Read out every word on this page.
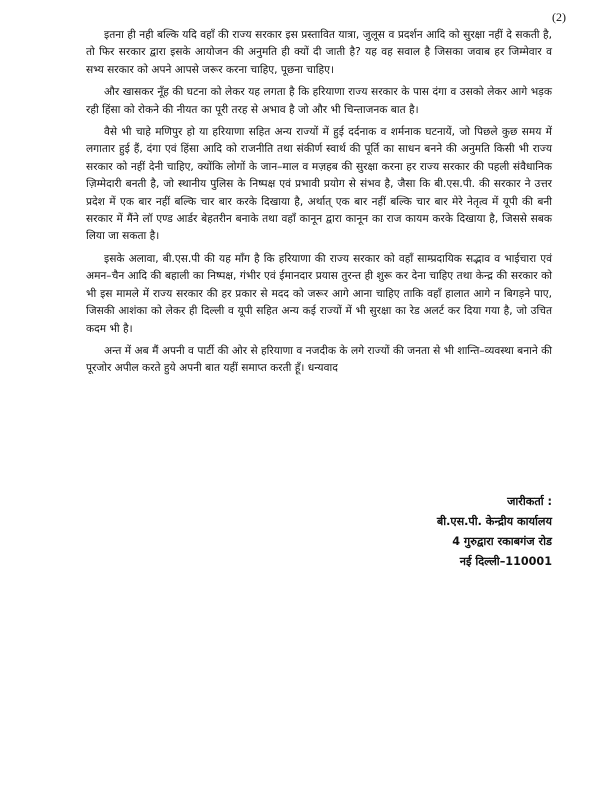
(2)

इतना ही नही बल्कि यदि वहाँ की राज्य सरकार इस प्रस्तावित यात्रा, जुलूस व प्रदर्शन आदि को सुरक्षा नहीं दे सकती है, तो फिर सरकार द्वारा इसके आयोजन की अनुमति ही क्यों दी जाती है? यह वह सवाल है जिसका जवाब हर जिम्मेवार व सभ्य सरकार को अपने आपसे जरूर करना चाहिए, पूछना चाहिए।

और खासकर नूँह की घटना को लेकर यह लगता है कि हरियाणा राज्य सरकार के पास दंगा व उसको लेकर आगे भड़क रही हिंसा को रोकने की नीयत का पूरी तरह से अभाव है जो और भी चिन्ताजनक बात है।

वैसे भी चाहे मणिपुर हो या हरियाणा सहित अन्य राज्यों में हुई दर्दनाक व शर्मनाक घटनायें, जो पिछले कुछ समय में लगातार हुई हैं, दंगा एवं हिंसा आदि को राजनीति तथा संकीर्ण स्वार्थ की पूर्ति का साधन बनने की अनुमति किसी भी राज्य सरकार को नहीं देनी चाहिए, क्योंकि लोगों के जान–माल व मज़हब की सुरक्षा करना हर राज्य सरकार की पहली संवैधानिक ज़िम्मेदारी बनती है, जो स्थानीय पुलिस के निष्पक्ष एवं प्रभावी प्रयोग से संभव है, जैसा कि बी.एस.पी. की सरकार ने उत्तर प्रदेश में एक बार नहीं बल्कि चार बार करके दिखाया है, अर्थात् एक बार नहीं बल्कि चार बार मेरे नेतृत्व में यूपी की बनी सरकार में मैंने लॉ एण्ड आर्डर बेहतरीन बनाके तथा वहाँ कानून द्वारा कानून का राज कायम करके दिखाया है, जिससे सबक लिया जा सकता है।

इसके अलावा, बी.एस.पी की यह माँग है कि हरियाणा की राज्य सरकार को वहाँ साम्प्रदायिक सद्भाव व भाईचारा एवं अमन–चैन आदि की बहाली का निष्पक्ष, गंभीर एवं ईमानदार प्रयास तुरन्त ही शुरू कर देना चाहिए तथा केन्द्र की सरकार को भी इस मामले में राज्य सरकार की हर प्रकार से मदद को जरूर आगे आना चाहिए ताकि वहाँ हालात आगे न बिगड़ने पाए, जिसकी आशंका को लेकर ही दिल्ली व यूपी सहित अन्य कई राज्यों में भी सुरक्षा का रेड अलर्ट कर दिया गया है, जो उचित कदम भी है।

अन्त में अब मैं अपनी व पार्टी की ओर से हरियाणा व नजदीक के लगे राज्यों की जनता से भी शान्ति–व्यवस्था बनाने की पूरजोर अपील करते हुये अपनी बात यहीं समाप्त करती हूँ। धन्यवाद

जारीकर्ता :
बी.एस.पी. केन्द्रीय कार्यालय
4 गुरुद्वारा रकाबगंज रोड
नई दिल्ली–110001
